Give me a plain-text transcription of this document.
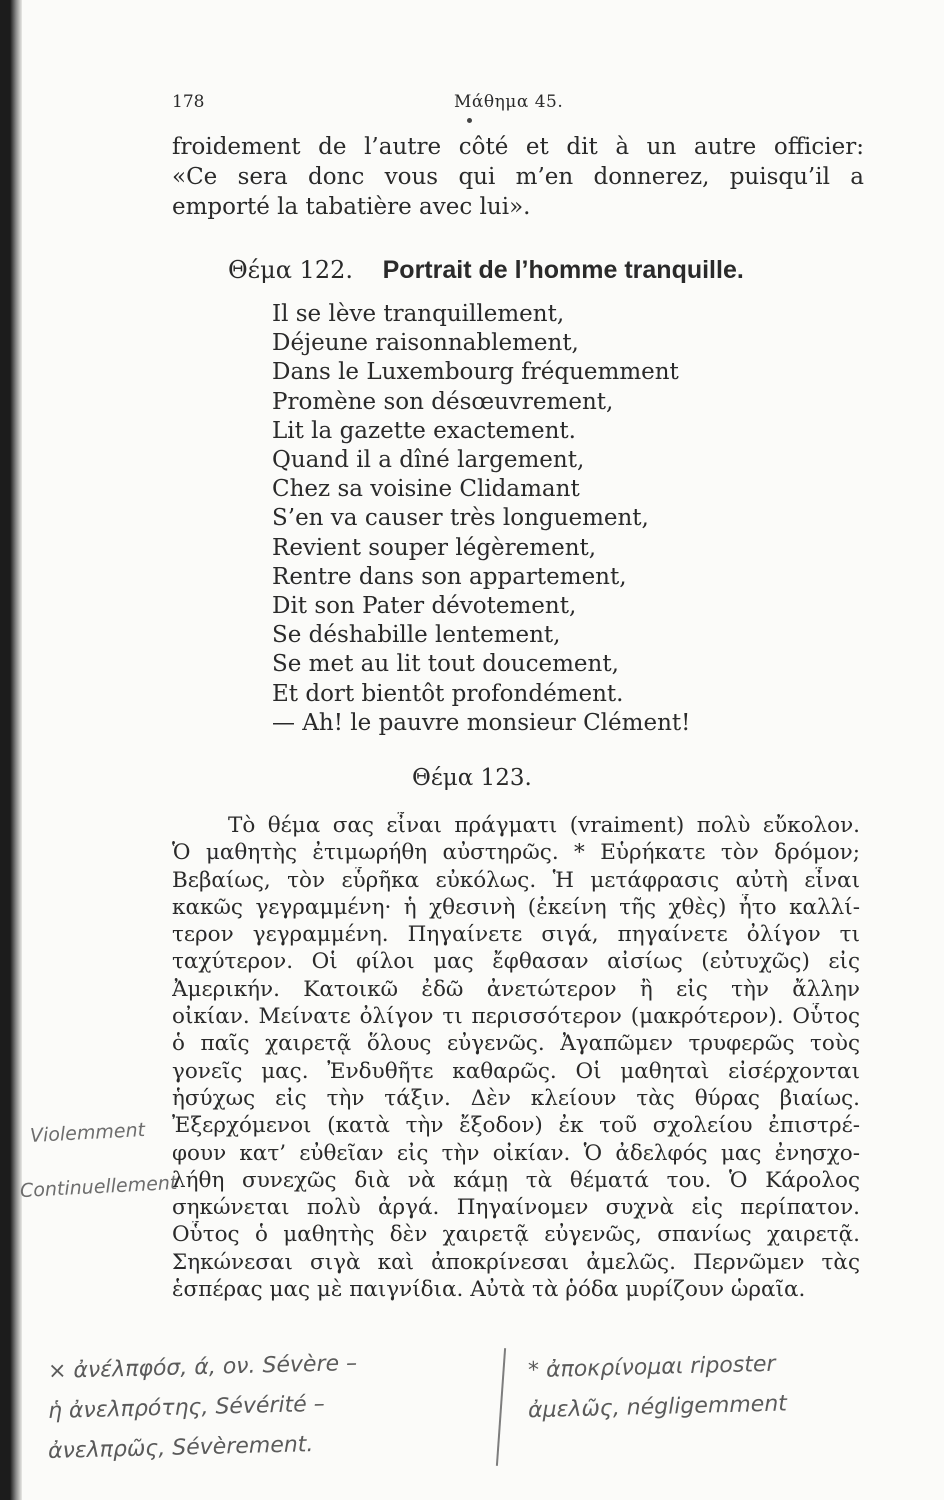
178	Μάθημα 45.
froidement de l’autre côté et dit à un autre officier:
«Ce sera donc vous qui m’en donnerez, puisqu’il a
emporté la tabatière avec lui».
Θέμα 122. Portrait de l’homme tranquille.
Il se lève tranquillement,
Déjeune raisonnablement,
Dans le Luxembourg fréquemment
Promène son désœuvrement,
Lit la gazette exactement.
Quand il a dîné largement,
Chez sa voisine Clidamant
S’en va causer très longuement,
Revient souper légèrement,
Rentre dans son appartement,
Dit son Pater dévotement,
Se déshabille lentement,
Se met au lit tout doucement,
Et dort bientôt profondément.
— Ah! le pauvre monsieur Clément!
Θέμα 123.
Τὸ θέμα σας εἶναι πράγματι (vraiment) πολὺ εὔκολον.
Ὁ μαθητὴς ἐτιμωρήθη αὐστηρῶς. * Εὑρήκατε τὸν δρόμον;
Βεβαίως, τὸν εὗρῆκα εὐκόλως. Ἡ μετάφρασις αὐτὴ εἶναι
κακῶς γεγραμμένη· ἡ χθεσινὴ (ἐκείνη τῆς χθὲς) ἦτο καλλί-
τερον γεγραμμένη. Πηγαίνετε σιγά, πηγαίνετε ὀλίγον τι
ταχύτερον. Οἱ φίλοι μας ἔφθασαν αἰσίως (εὐτυχῶς) εἰς
Ἀμερικήν. Κατοικῶ ἐδῶ ἀνετώτερον ἢ εἰς τὴν ἄλλην
οἰκίαν. Μείνατε ὀλίγον τι περισσότερον (μακρότερον). Οὗτος
ὁ παῖς χαιρετᾷ ὅλους εὐγενῶς. Ἀγαπῶμεν τρυφερῶς τοὺς
γονεῖς μας. Ἐνδυθῆτε καθαρῶς. Οἱ μαθηταὶ εἰσέρχονται
ἡσύχως εἰς τὴν τάξιν. Δὲν κλείουν τὰς θύρας βιαίως.
Ἐξερχόμενοι (κατὰ τὴν ἔξοδον) ἐκ τοῦ σχολείου ἐπιστρέ-
φουν κατ’ εὐθεῖαν εἰς τὴν οἰκίαν. Ὁ ἀδελφός μας ἐνησχο-
λήθη συνεχῶς διὰ νὰ κάμῃ τὰ θέματά του. Ὁ Κάρολος
σηκώνεται πολὺ ἀργά. Πηγαίνομεν συχνὰ εἰς περίπατον.
Οὗτος ὁ μαθητὴς δὲν χαιρετᾷ εὐγενῶς, σπανίως χαιρετᾷ.
Σηκώνεσαι σιγὰ καὶ ἀποκρίνεσαι ἀμελῶς. Περνῶμεν τὰς
ἑσπέρας μας μὲ παιγνίδια. Αὐτὰ τὰ ῥόδα μυρίζουν ὡραῖα.
Violemment
Continuellement
× ἀνέλπφόσ, ά, ον. Sévère –
ἡ ἀνελπρότης, Sévérité –
ἀνελπρῶς, Sévèrement.
* ἀποκρίνομαι riposter
ἀμελῶς, négligemment
